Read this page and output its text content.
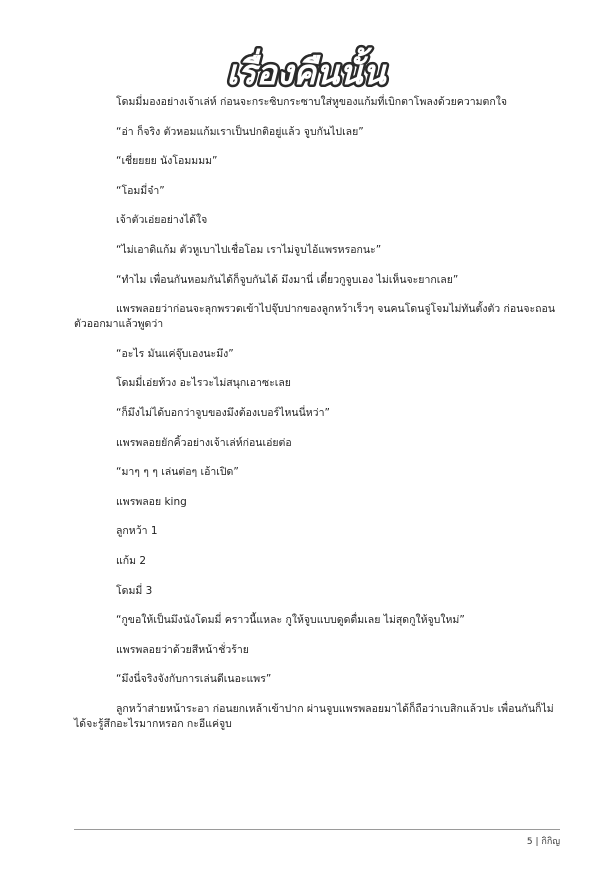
เรื่องคืนนั้น

โดมมี่มองอย่างเจ้าเล่ห์ ก่อนจะกระซิบกระซาบใส่หูของแก้มที่เบิกตาโพลงด้วยความตกใจ

“อ่า ก็จริง ตัวหอมแก้มเราเป็นปกติอยู่แล้ว จูบกันไปเลย”

“เชี่ยยยย นังโอมมมม”

“โอมมี่จ๋า”

เจ้าตัวเอ่ยอย่างได้ใจ

“ไม่เอาดิแก้ม ตัวหูเบาไปเชื่อโอม เราไม่จูบไอ้แพรหรอกนะ”

“ทำไม เพื่อนกันหอมกันได้ก็จูบกันได้ มึงมานี่ เดี๋ยวกูจูบเอง ไม่เห็นจะยากเลย”

แพรพลอยว่าก่อนจะลุกพรวดเข้าไปจุ๊บปากของลูกหว้าเร็วๆ จนคนโดนจู่โจมไม่ทันตั้งตัว ก่อนจะถอนตัวออกมาแล้วพูดว่า

“อะไร มันแค่จุ๊บเองนะมึง”

โดมมี่เอ่ยท้วง อะไรวะไม่สนุกเอาซะเลย

“ก็มึงไม่ได้บอกว่าจูบของมึงต้องเบอร์ไหนนี่หว่า”

แพรพลอยยักคิ้วอย่างเจ้าเล่ห์ก่อนเอ่ยต่อ

“มาๆ ๆ ๆ เล่นต่อๆ เอ้าเปิด”

แพรพลอย king

ลูกหว้า 1

แก้ม 2

โดมมี่ 3

“กูขอให้เป็นมึงนังโดมมี่ คราวนี้แหละ กูให้จูบแบบดูดดื่มเลย ไม่สุดกูให้จูบใหม่”

แพรพลอยว่าด้วยสีหน้าชั่วร้าย

“มึงนี่จริงจังกับการเล่นดีเนอะแพร”

ลูกหว้าส่ายหน้าระอา ก่อนยกเหล้าเข้าปาก ผ่านจูบแพรพลอยมาได้ก็ถือว่าเบสิกแล้วปะ เพื่อนกันก็ไม่ได้จะรู้สึกอะไรมากหรอก กะอีแค่จูบ

5 | กิกิญ
